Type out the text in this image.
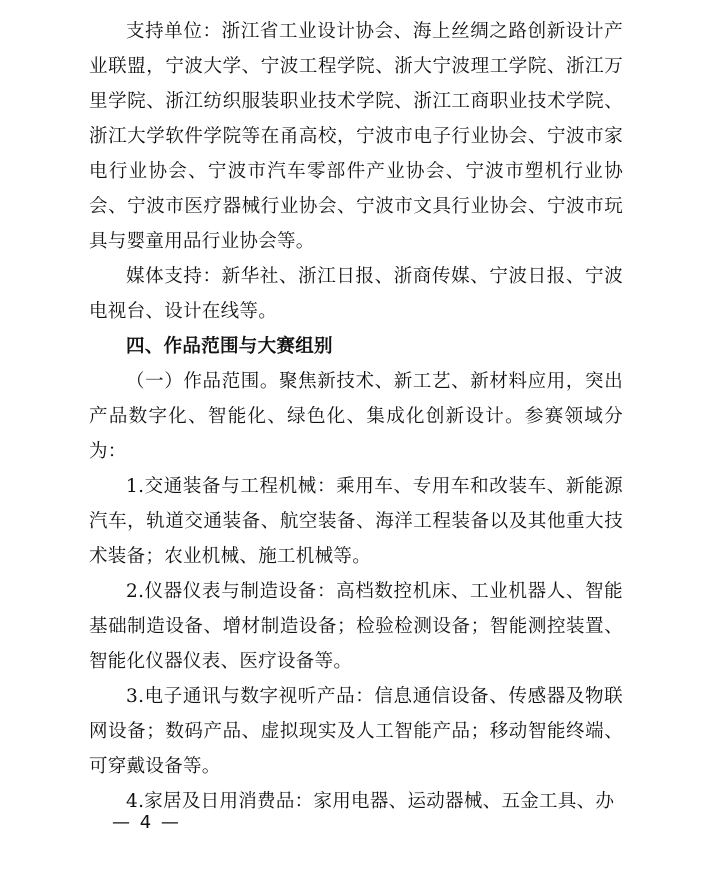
支持单位：浙江省工业设计协会、海上丝绸之路创新设计产业联盟，宁波大学、宁波工程学院、浙大宁波理工学院、浙江万里学院、浙江纺织服装职业技术学院、浙江工商职业技术学院、浙江大学软件学院等在甬高校，宁波市电子行业协会、宁波市家电行业协会、宁波市汽车零部件产业协会、宁波市塑机行业协会、宁波市医疗器械行业协会、宁波市文具行业协会、宁波市玩具与婴童用品行业协会等。

媒体支持：新华社、浙江日报、浙商传媒、宁波日报、宁波电视台、设计在线等。

四、作品范围与大赛组别

（一）作品范围。聚焦新技术、新工艺、新材料应用，突出产品数字化、智能化、绿色化、集成化创新设计。参赛领域分为：

1.交通装备与工程机械：乘用车、专用车和改装车、新能源汽车，轨道交通装备、航空装备、海洋工程装备以及其他重大技术装备；农业机械、施工机械等。

2.仪器仪表与制造设备：高档数控机床、工业机器人、智能基础制造设备、增材制造设备；检验检测设备；智能测控装置、智能化仪器仪表、医疗设备等。

3.电子通讯与数字视听产品：信息通信设备、传感器及物联网设备；数码产品、虚拟现实及人工智能产品；移动智能终端、可穿戴设备等。

4.家居及日用消费品：家用电器、运动器械、五金工具、办

— 4 —
